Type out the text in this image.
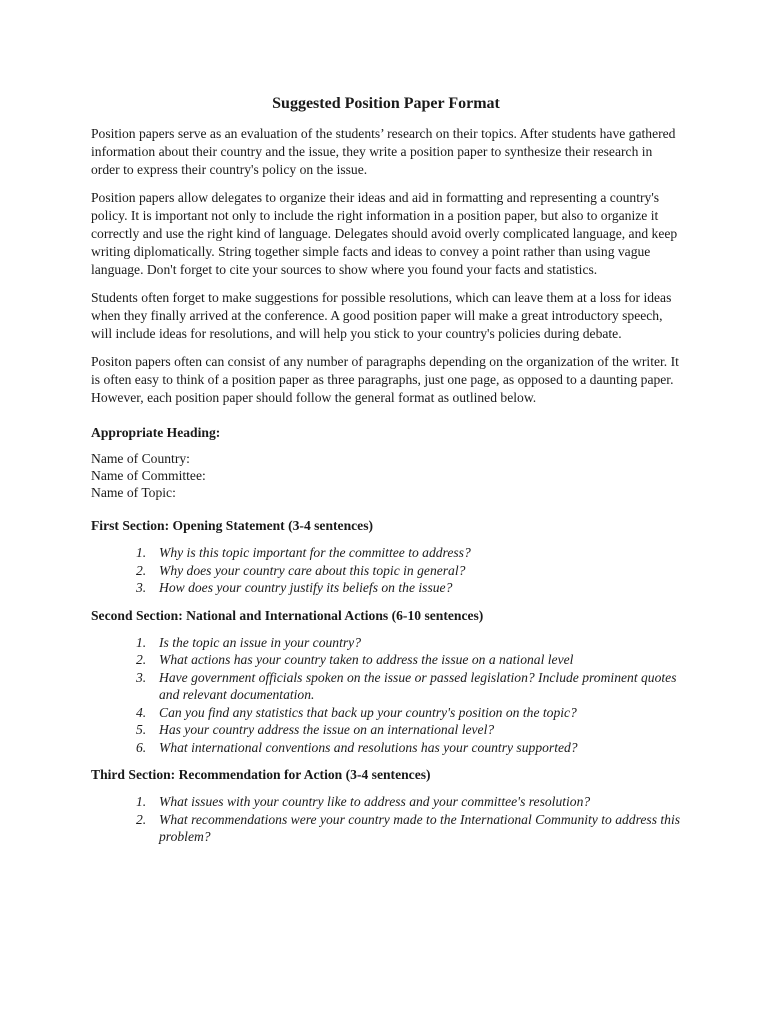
Suggested Position Paper Format

Position papers serve as an evaluation of the students’ research on their topics. After students have gathered information about their country and the issue, they write a position paper to synthesize their research in order to express their country's policy on the issue.

Position papers allow delegates to organize their ideas and aid in formatting and representing a country's policy. It is important not only to include the right information in a position paper, but also to organize it correctly and use the right kind of language. Delegates should avoid overly complicated language, and keep writing diplomatically. String together simple facts and ideas to convey a point rather than using vague language. Don't forget to cite your sources to show where you found your facts and statistics.

Students often forget to make suggestions for possible resolutions, which can leave them at a loss for ideas when they finally arrived at the conference. A good position paper will make a great introductory speech, will include ideas for resolutions, and will help you stick to your country's policies during debate.

Positon papers often can consist of any number of paragraphs depending on the organization of the writer. It is often easy to think of a position paper as three paragraphs, just one page, as opposed to a daunting paper. However, each position paper should follow the general format as outlined below.

Appropriate Heading:
Name of Country:
Name of Committee:
Name of Topic:
First Section: Opening Statement (3-4 sentences)
1. Why is this topic important for the committee to address?
2. Why does your country care about this topic in general?
3. How does your country justify its beliefs on the issue?
Second Section: National and International Actions (6-10 sentences)
1. Is the topic an issue in your country?
2. What actions has your country taken to address the issue on a national level
3. Have government officials spoken on the issue or passed legislation? Include prominent quotes and relevant documentation.
4. Can you find any statistics that back up your country's position on the topic?
5. Has your country address the issue on an international level?
6. What international conventions and resolutions has your country supported?
Third Section: Recommendation for Action (3-4 sentences)
1. What issues with your country like to address and your committee's resolution?
2. What recommendations were your country made to the International Community to address this problem?
